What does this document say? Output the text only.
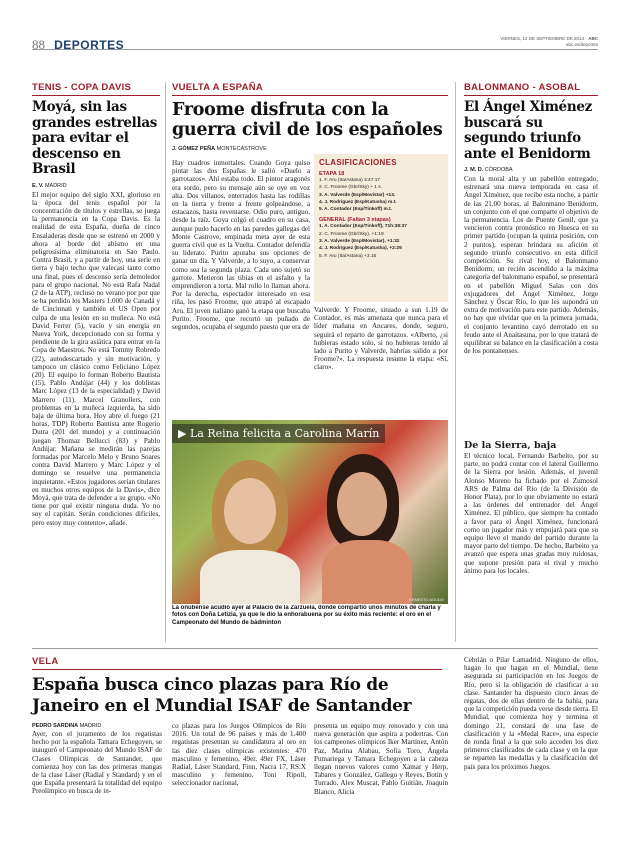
88 DEPORTES	VIERNES, 12 DE SEPTIEMBRE DE 2014 ABC
abc.es/deportes
TENIS - COPA DAVIS
Moyá, sin las grandes estrellas para evitar el descenso en Brasil
E. V. MADRID
El mejor equipo del siglo XXI, glorioso en la época del tenis español por la concentración de títulos y estrellas, se juega la permanencia en la Copa Davis. Es la realidad de esta España, dueña de cinco Ensaladeras desde que se estrenó en 2000 y ahora al borde del abismo en una peligrosísima eliminatoria en Sao Paulo. Contra Brasil, y a partir de hoy, una serie en tierra y bajo techo que valecasi tanto como una final, pues el descenso sería demoledor para el grupo nacional. No está Rafa Nadal (2 de la ATP), recluso no verano por por que se ha perdido los Masters 1.000 de Canadá y de Cincinnati y también el US Open por culpa de una lesión en su muñeca. No está David Ferrer (5), vacío y sin energía en Nueva York, decepcionado con su forma y pendiente de la gira asiática para entrar en la Copa de Maestros. No está Tommy Robredo (22), autodescartado y sin motivación, y tampoco un clásico como Feliciano López (20). El equipo lo forman Roberto Bautista (15), Pablo Andújar (44) y los doblistas Marc López (13 de la especialidad) y David Marrero (11). Marcel Granollers, con problemas en la muñeca izquierda, ha sido baja de última hora. Hoy abre el fuego (21 horas, TDP) Roberto Bautista ante Rogerio Dutra (201 del mundo) y a continuación juegan Thomaz Bellucci (83) y Pablo Andújar. Mañana se medirán las parejas formadas por Marcelo Melo y Bruno Soares contra David Marrero y Marc López y el domingo se resuelve una permanencia inquietante. «Estos jugadores serían titulares en muchos otros equipos de la Davis», dice Moyá, que trata de defender a su grupo. «No tiene por qué existir ninguna duda. Yo no soy el capitán. Serán condiciones difíciles, pero estoy muy contento», añade.
VUELTA A ESPAÑA
Froome disfruta con la guerra civil de los españoles
J. GÓMEZ PEÑA MONTECASTROVE
Hay cuadros inmortales. Cuando Goya quiso pintar las dos Españas le salió «Duelo a garrotazos». Ahí estaba todo. El pintor aragonés era sordo, pero su mensaje aún se oye en voz alta. Dos villanos, enterrados hasta las rodillas en la tierra y frente a frente golpeándose, a estacazos, hasta reventarse. Odio puro, antiguo, desde la raíz. Goya colgó el cuadro en su casa, aunque pudo hacerlo en las paredes gallegas del Monte Castrove, empinada meta ayer de esta guerra civil que es la Vuelta. Contador defendía su liderato. Purito apuraba sus opciones de ganar un día. Y Valverde, a lo suyo, a conservar como sea la segunda plaza. Cada uno sujetó su garrote. Metieron las tibias en el asfalto y la emprendieron a torta. Mal rollo lo llaman ahora. Por la derecha, espectador interesado en esa riña, les pasó Froome, que atrapó al escapado Aru. El joven italiano ganó la etapa que buscaba Purito. Froome, que recortó un puñado de segundos, ocupaba el segundo puesto que era de
CLASIFICACIONES
ETAPA 18
1. F. Aru (Ita/Astana) 3:47:17
2. C. Froome (Gbr/Sky) + 1 s.
3. A. Valverde (Esp/Movistar) +13.
4. J. Rodríguez (Esp/Katusha) m.t.
5. A. Contador (Esp/Tinkoff) m.t.
GENERAL (Faltan 3 etapas)
1. A. Contador (Esp/Tinkoff), 71h:38:37
2. C. Froome (Gbr/Sky), +1:19
3. A. Valverde (Esp/Movistar), +1:32
4. J. Rodríguez (Esp/Katusha), +2:29
5. F. Aru (Ita/Astana) +3.15
Valverde. Y Froome, situado a sun 1.19 de Contador, es más amenaza que nunca para el líder mañana en Ancares, donde, seguro, seguirá el reparto de garrotazos. «Alberto, ¿si hubieras estado solo, si no hubieras tenido al lado a Purito y Valverde, habrías salido a por Froome?». La respuesta resume la etapa: «Sí, claro».
▶ La Reina felicita a Carolina Marín
ERNESTO AGUDO
La onubense acudió ayer al Palacio de la Zarzuela, donde compartió unos minutos de charla y fotos con Doña Letizia, ya que le dio la enhorabuena por su éxito más reciente: el oro en el Campeonato del Mundo de bádminton
BALONMANO - ASOBAL
El Ángel Ximénez buscará su segundo triunfo ante el Benidorm
J. M. D. CÓRDOBA
Con la moral alta y un pabellón entregado, estrenará una nueva temporada en casa el Ángel Ximénez, que recibe esta noche, a partir de las 21.00 horas, al Balonmano Benidorm, un conjunto con el que comparte el objetivo de la permanencia. Los de Puente Genil, que ya vencieron contra pronóstico en Huesca en su primer partido (ocupan la quinta posición, con 2 puntos), esperan brindara su afición el segundo triunfo consecutivo en esta difícil competición. Su rival hoy, el Balonmano Benidorm, un recién ascendido a la máxima categoría del balonmano español, se presentará en el pabellón Miguel Salas con dos exjugadores del Ángel Ximénez, Jorge Sánchez y Óscar Río, lo que les supondrá un extra de motivación para este partido. Además, no hay que olvidar que en la primera jornada, el conjunto levantino cayó derrotado en su feudo ante el Anaitasuna, por lo que tratará de equilibrar su balance en la clasificación a costa de los pontanenses.
De la Sierra, baja
El técnico local, Fernando Barbeito, por su parte, no podrá contar con el lateral Guillermo de la Sierra por lesión. Además, el juvenil Alonso Moreno ha fichado por el Zumosol ARS de Palma del Río (de la División de Honor Plata), por lo que obviamente no estará a las órdenes del entrenador del Ángel Ximénez. El público, que siempre ha contado a favor para el Ángel Ximénez, funcionará como un jugador más y empujará para que su equipo lleve el mando del partido durante la mayor parte del tiempo. De hecho, Barbeito ya avanzó que espera unas gradas muy ruidosas, que supone presión para el rival y mucho ánimo para los locales.
VELA
España busca cinco plazas para Río de Janeiro en el Mundial ISAF de Santander
PEDRO SARDINA MADRID
Ayer, con el juramento de los regatistas hecho por la española Tamara Echegoyen, se inauguró el Campeonato del Mundo ISAF de Clases Olímpicas de Santander, que comienza hoy con las dos primeras mangas de la clase Láser (Radial y Standard) y en el que España presentará la totalidad del equipo Preolímpico en busca de in-
co plazas para los Juegos Olímpicos de Río 2016. Un total de 96 países y más de 1.400 regatistas presentan su candidatura al oro en las diez clases olímpicas existentes: 470 masculino y femenino, 49er, 49er FX, Láser Radial, Láser Standard, Finn, Nacra 17, RS:X masculino y femenino. Toni Ripoll, seleccionador nacional,
presenta un equipo muy renovado y con una nueva generación que aspira a podertras. Con los campeones olímpicos Iker Martínez, Antón Paz, Marina Alabau, Sofía Toro, Ángela Pumariega y Tamara Echegoyen a la cabeza llegan nuevos valores como Xamar y Herp, Tabares y González, Gallego y Reyes, Botín y Turrado, Alex Muscat, Pablo Guitián, Joaquín Blanco, Alicia
Cebrián o Pilar Lamadrid. Ninguno de ellos, hagan lo que hagan en el Mundial, tiene asegurada su participación en los Juegos de Río, pero sí la obligación de clasificar a su clase. Santander ha dispuesto cinco áreas de regatas, dos de ellas dentro de la bahía, para que la competición pueda verse desde tierra. El Mundial, que comienza hoy y termina el domingo 21, constará de una fase de clasificación y la «Medal Race», una especie de ronda final a la que solo acceden los diez primeros clasificados de cada clase y en la que se reparten las medallas y la clasificación del país para los próximos Juegos.
